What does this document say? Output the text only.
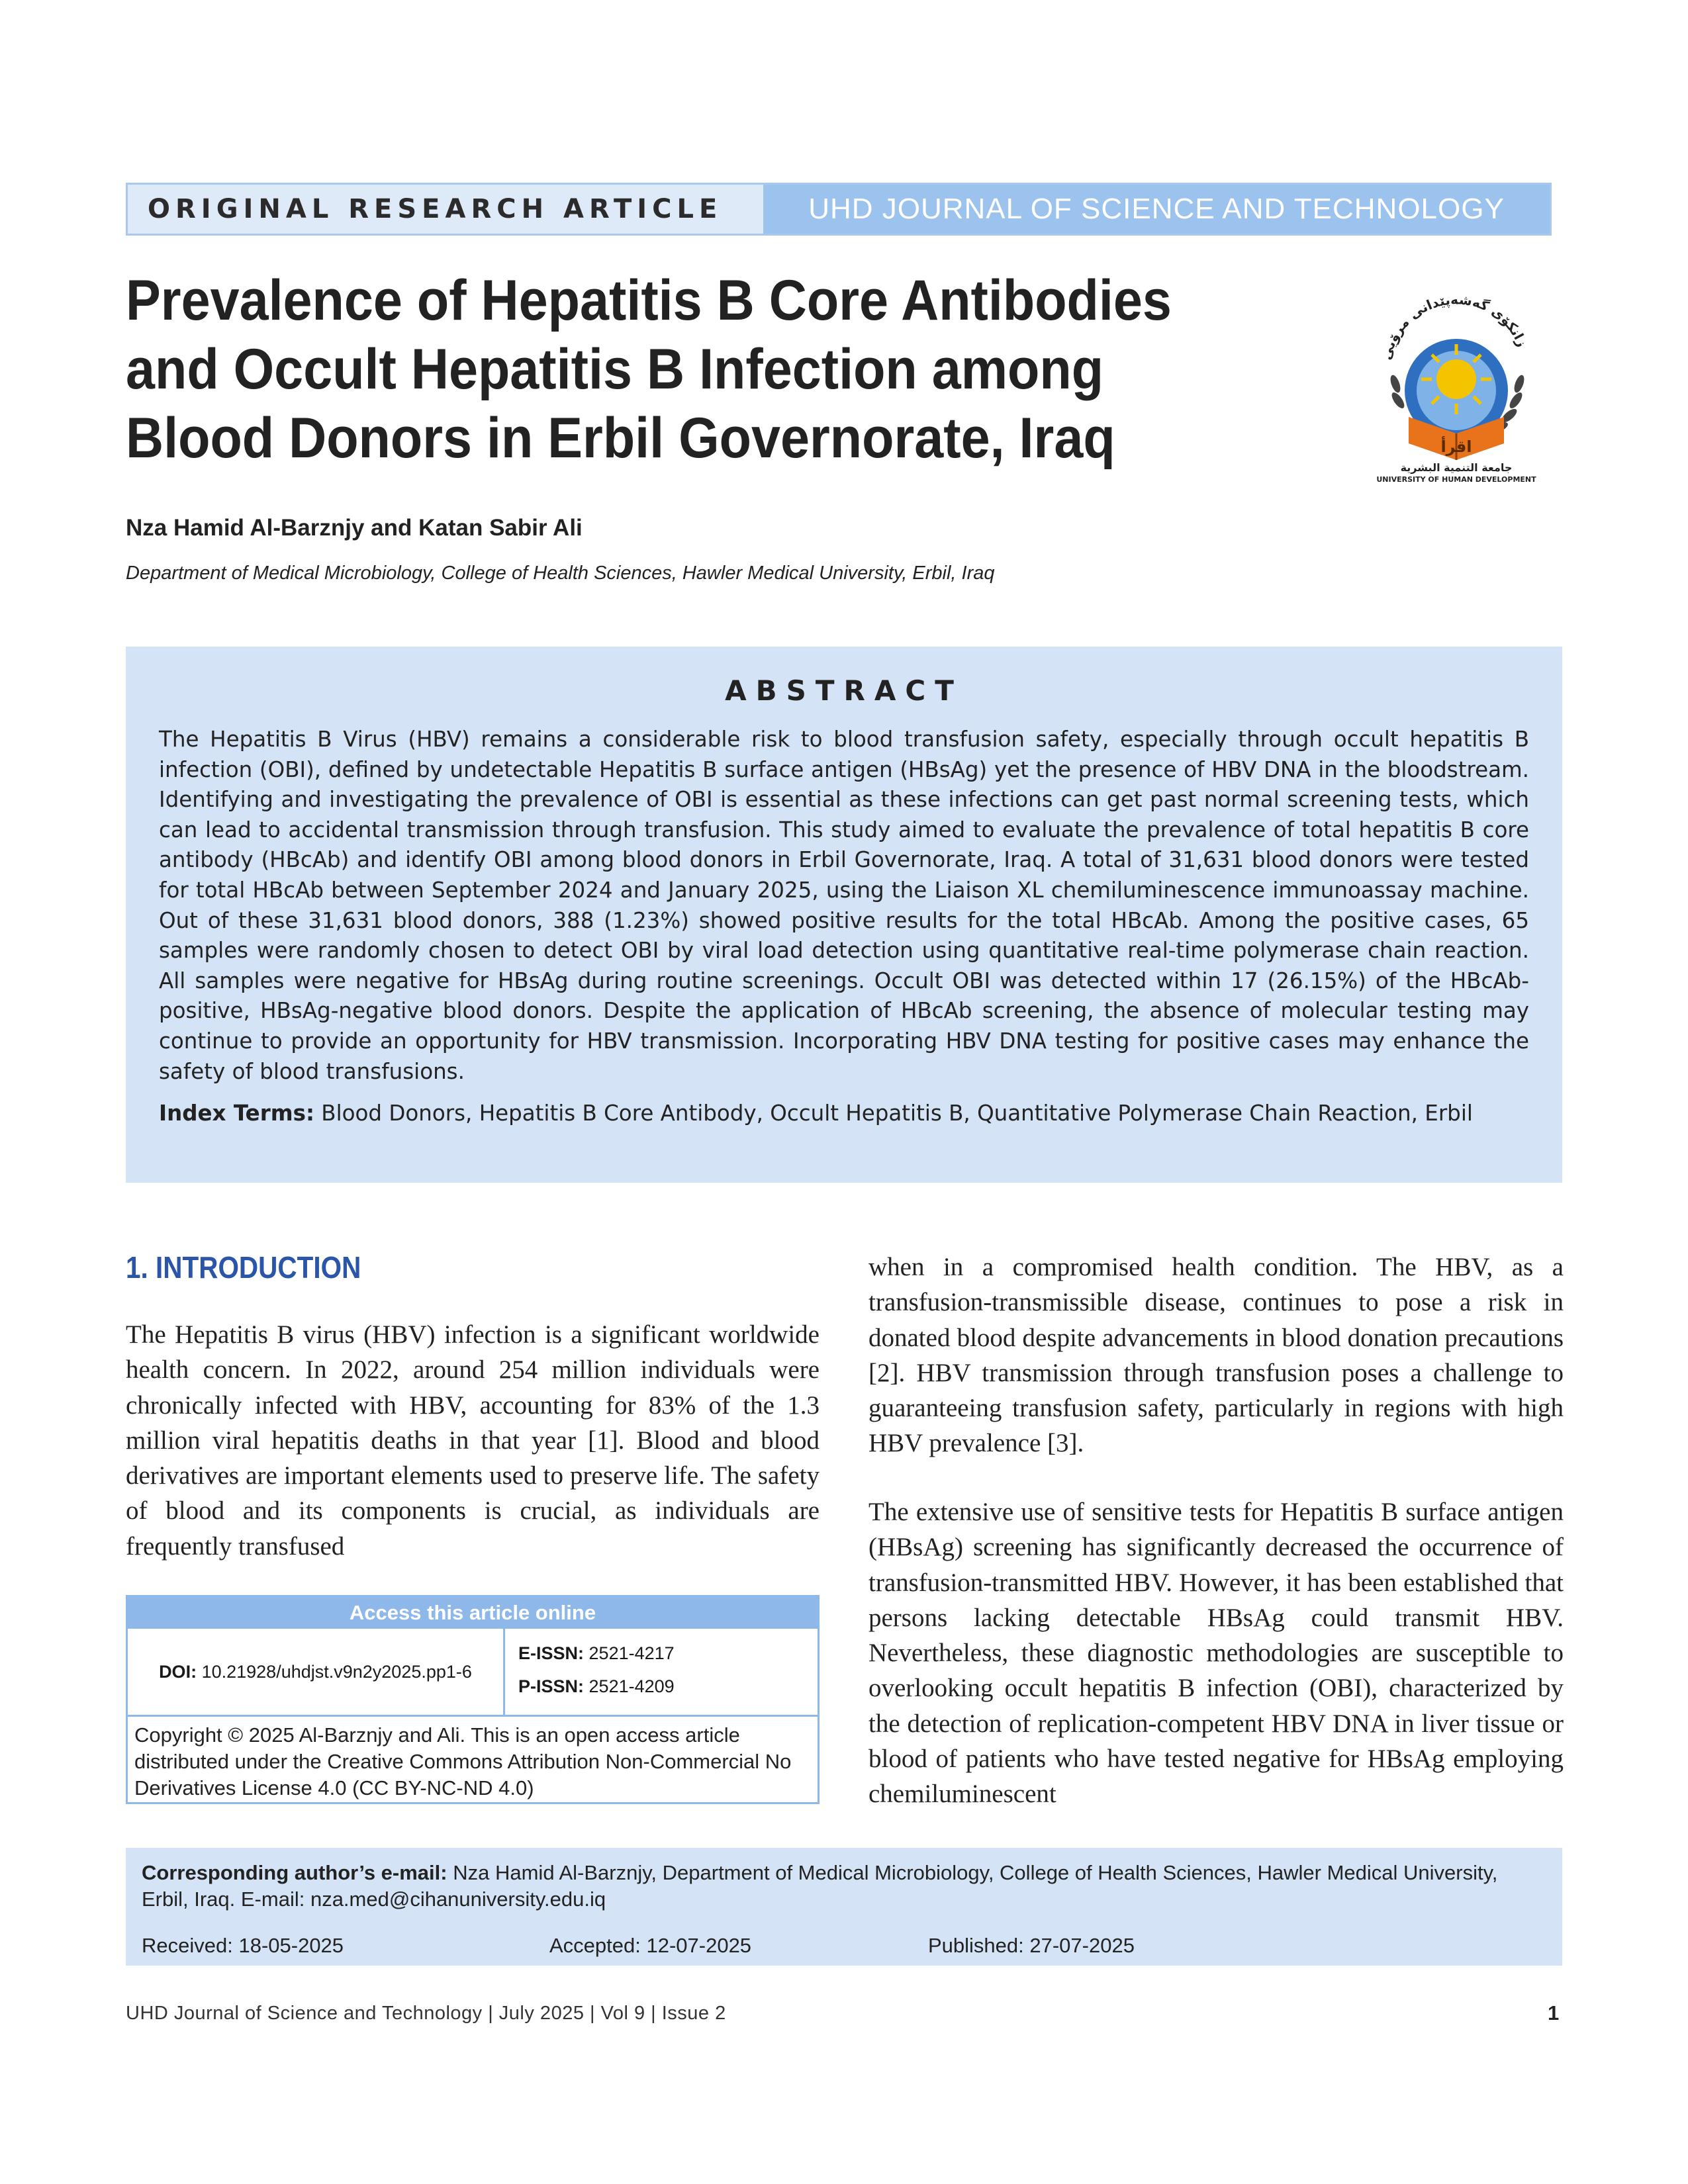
ORIGINAL RESEARCH ARTICLE	UHD JOURNAL OF SCIENCE AND TECHNOLOGY
Prevalence of Hepatitis B Core Antibodies and Occult Hepatitis B Infection among Blood Donors in Erbil Governorate, Iraq
زانكۆی گەشەپێدانی مرۆیی
اقرأ
جامعة التنمية البشرية
UNIVERSITY OF HUMAN DEVELOPMENT
Nza Hamid Al-Barznjy and Katan Sabir Ali
Department of Medical Microbiology, College of Health Sciences, Hawler Medical University, Erbil, Iraq
ABSTRACT
The Hepatitis B Virus (HBV) remains a considerable risk to blood transfusion safety, especially through occult hepatitis B infection (OBI), defined by undetectable Hepatitis B surface antigen (HBsAg) yet the presence of HBV DNA in the bloodstream. Identifying and investigating the prevalence of OBI is essential as these infections can get past normal screening tests, which can lead to accidental transmission through transfusion. This study aimed to evaluate the prevalence of total hepatitis B core antibody (HBcAb) and identify OBI among blood donors in Erbil Governorate, Iraq. A total of 31,631 blood donors were tested for total HBcAb between September 2024 and January 2025, using the Liaison XL chemiluminescence immunoassay machine. Out of these 31,631 blood donors, 388 (1.23%) showed positive results for the total HBcAb. Among the positive cases, 65 samples were randomly chosen to detect OBI by viral load detection using quantitative real-time polymerase chain reaction. All samples were negative for HBsAg during routine screenings. Occult OBI was detected within 17 (26.15%) of the HBcAb-positive, HBsAg-negative blood donors. Despite the application of HBcAb screening, the absence of molecular testing may continue to provide an opportunity for HBV transmission. Incorporating HBV DNA testing for positive cases may enhance the safety of blood transfusions.
Index Terms: Blood Donors, Hepatitis B Core Antibody, Occult Hepatitis B, Quantitative Polymerase Chain Reaction, Erbil
1. INTRODUCTION
The Hepatitis B virus (HBV) infection is a significant worldwide health concern. In 2022, around 254 million individuals were chronically infected with HBV, accounting for 83% of the 1.3 million viral hepatitis deaths in that year [1]. Blood and blood derivatives are important elements used to preserve life. The safety of blood and its components is crucial, as individuals are frequently transfused
when in a compromised health condition. The HBV, as a transfusion-transmissible disease, continues to pose a risk in donated blood despite advancements in blood donation precautions [2]. HBV transmission through transfusion poses a challenge to guaranteeing transfusion safety, particularly in regions with high HBV prevalence [3].
The extensive use of sensitive tests for Hepatitis B surface antigen (HBsAg) screening has significantly decreased the occurrence of transfusion-transmitted HBV. However, it has been established that persons lacking detectable HBsAg could transmit HBV. Nevertheless, these diagnostic methodologies are susceptible to overlooking occult hepatitis B infection (OBI), characterized by the detection of replication-competent HBV DNA in liver tissue or blood of patients who have tested negative for HBsAg employing chemiluminescent
Access this article online
DOI:
10.21928/uhdjst.v9n2y2025.pp1-6
E-ISSN: 2521-4217
P-ISSN: 2521-4209
Copyright © 2025 Al-Barznjy and Ali. This is an open access article distributed under the Creative Commons Attribution Non-Commercial No Derivatives License 4.0 (CC BY-NC-ND 4.0)
Corresponding author’s e-mail: Nza Hamid Al-Barznjy, Department of Medical Microbiology, College of Health Sciences, Hawler Medical University, Erbil, Iraq. E-mail: nza.med@cihanuniversity.edu.iq
Received: 18-05-2025	Accepted: 12-07-2025	Published: 27-07-2025
UHD Journal of Science and Technology | July 2025 | Vol 9 | Issue 2	1
